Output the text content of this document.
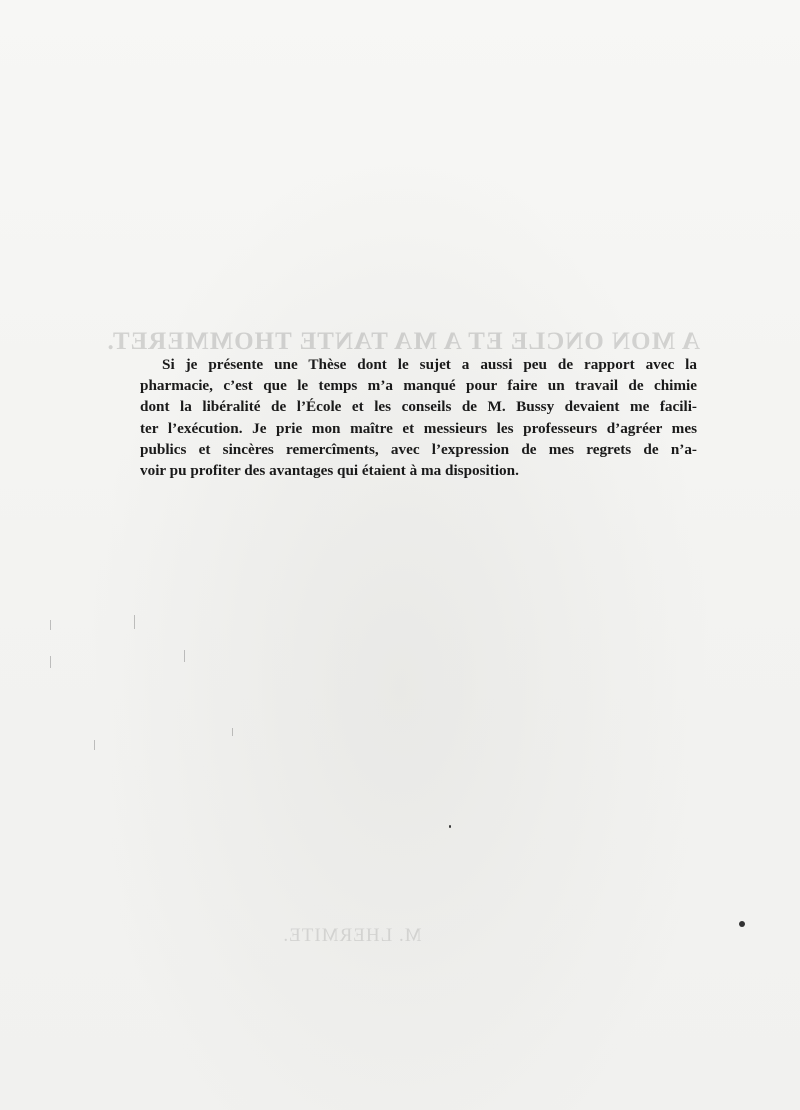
A MON ONCLE ET A MA TANTE THOMMERET.
M. LHERMITE.
Si je présente une Thèse dont le sujet a aussi peu de rapport avec la
pharmacie, c’est que le temps m’a manqué pour faire un travail de chimie
dont la libéralité de l’École et les conseils de M. Bussy devaient me facili-
ter l’exécution. Je prie mon maître et messieurs les professeurs d’agréer mes
publics et sincères remercîments, avec l’expression de mes regrets de n’a-
voir pu profiter des avantages qui étaient à ma disposition.
